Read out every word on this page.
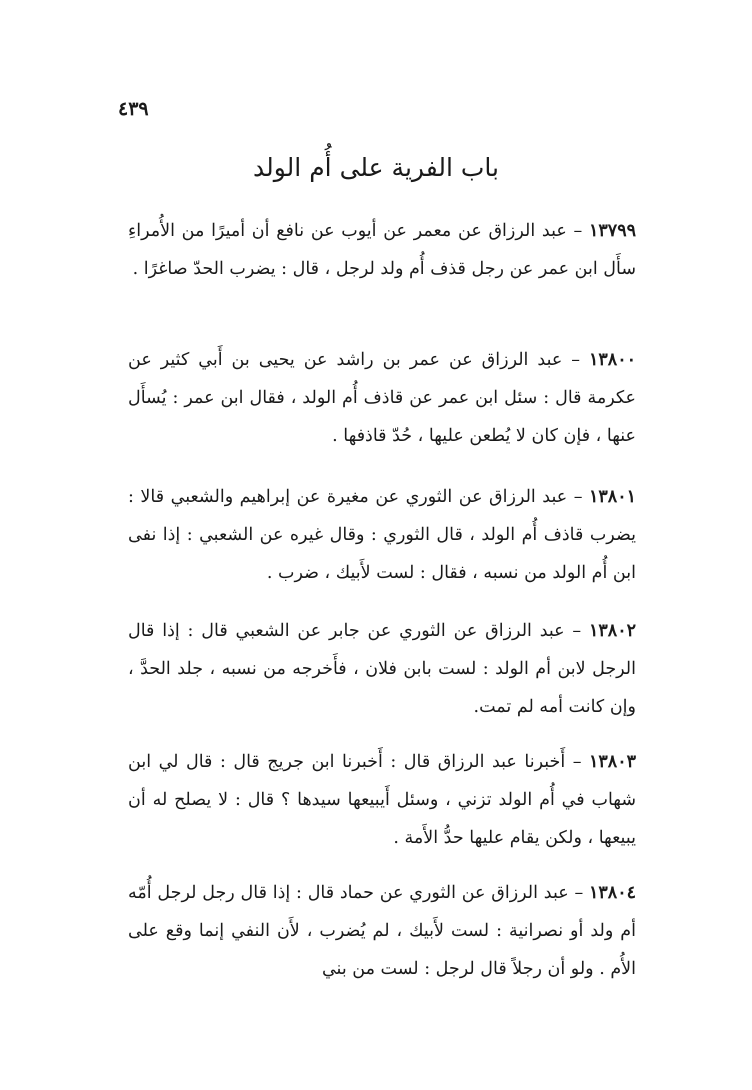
٤٣٩
باب الفرية على أُم الولد

١٣٧٩٩ – عبد الرزاق عن معمر عن أيوب عن نافع أن أميرًا من الأُمراءِ سأَل ابن عمر عن رجل قذف أُم ولد لرجل ، قال : يضرب الحدّ صاغرًا .

١٣٨٠٠ – عبد الرزاق عن عمر بن راشد عن يحيى بن أَبي كثير عن عكرمة قال : سئل ابن عمر عن قاذف أُم الولد ، فقال ابن عمر : يُسأَل عنها ، فإن كان لا يُطعن عليها ، حُدّ قاذفها .

١٣٨٠١ – عبد الرزاق عن الثوري عن مغيرة عن إبراهيم والشعبي قالا : يضرب قاذف أُم الولد ، قال الثوري : وقال غيره عن الشعبي : إذا نفى ابن أُم الولد من نسبه ، فقال : لست لأَبيك ، ضرب .

١٣٨٠٢ – عبد الرزاق عن الثوري عن جابر عن الشعبي قال : إذا قال الرجل لابن أم الولد : لست بابن فلان ، فأَخرجه من نسبه ، جلد الحدَّ ، وإن كانت أمه لم تمت.

١٣٨٠٣ – أَخبرنا عبد الرزاق قال : أَخبرنا ابن جريج قال : قال لي ابن شهاب في أُم الولد تزني ، وسئل أَيبيعها سيدها ؟ قال : لا يصلح له أن يبيعها ، ولكن يقام عليها حدُّ الأَمة .

١٣٨٠٤ – عبد الرزاق عن الثوري عن حماد قال : إذا قال رجل لرجل أُمّه أم ولد أو نصرانية : لست لأَبيك ، لم يُضرب ، لأَن النفي إنما وقع على الأُم . ولو أن رجلاً قال لرجل : لست من بني
